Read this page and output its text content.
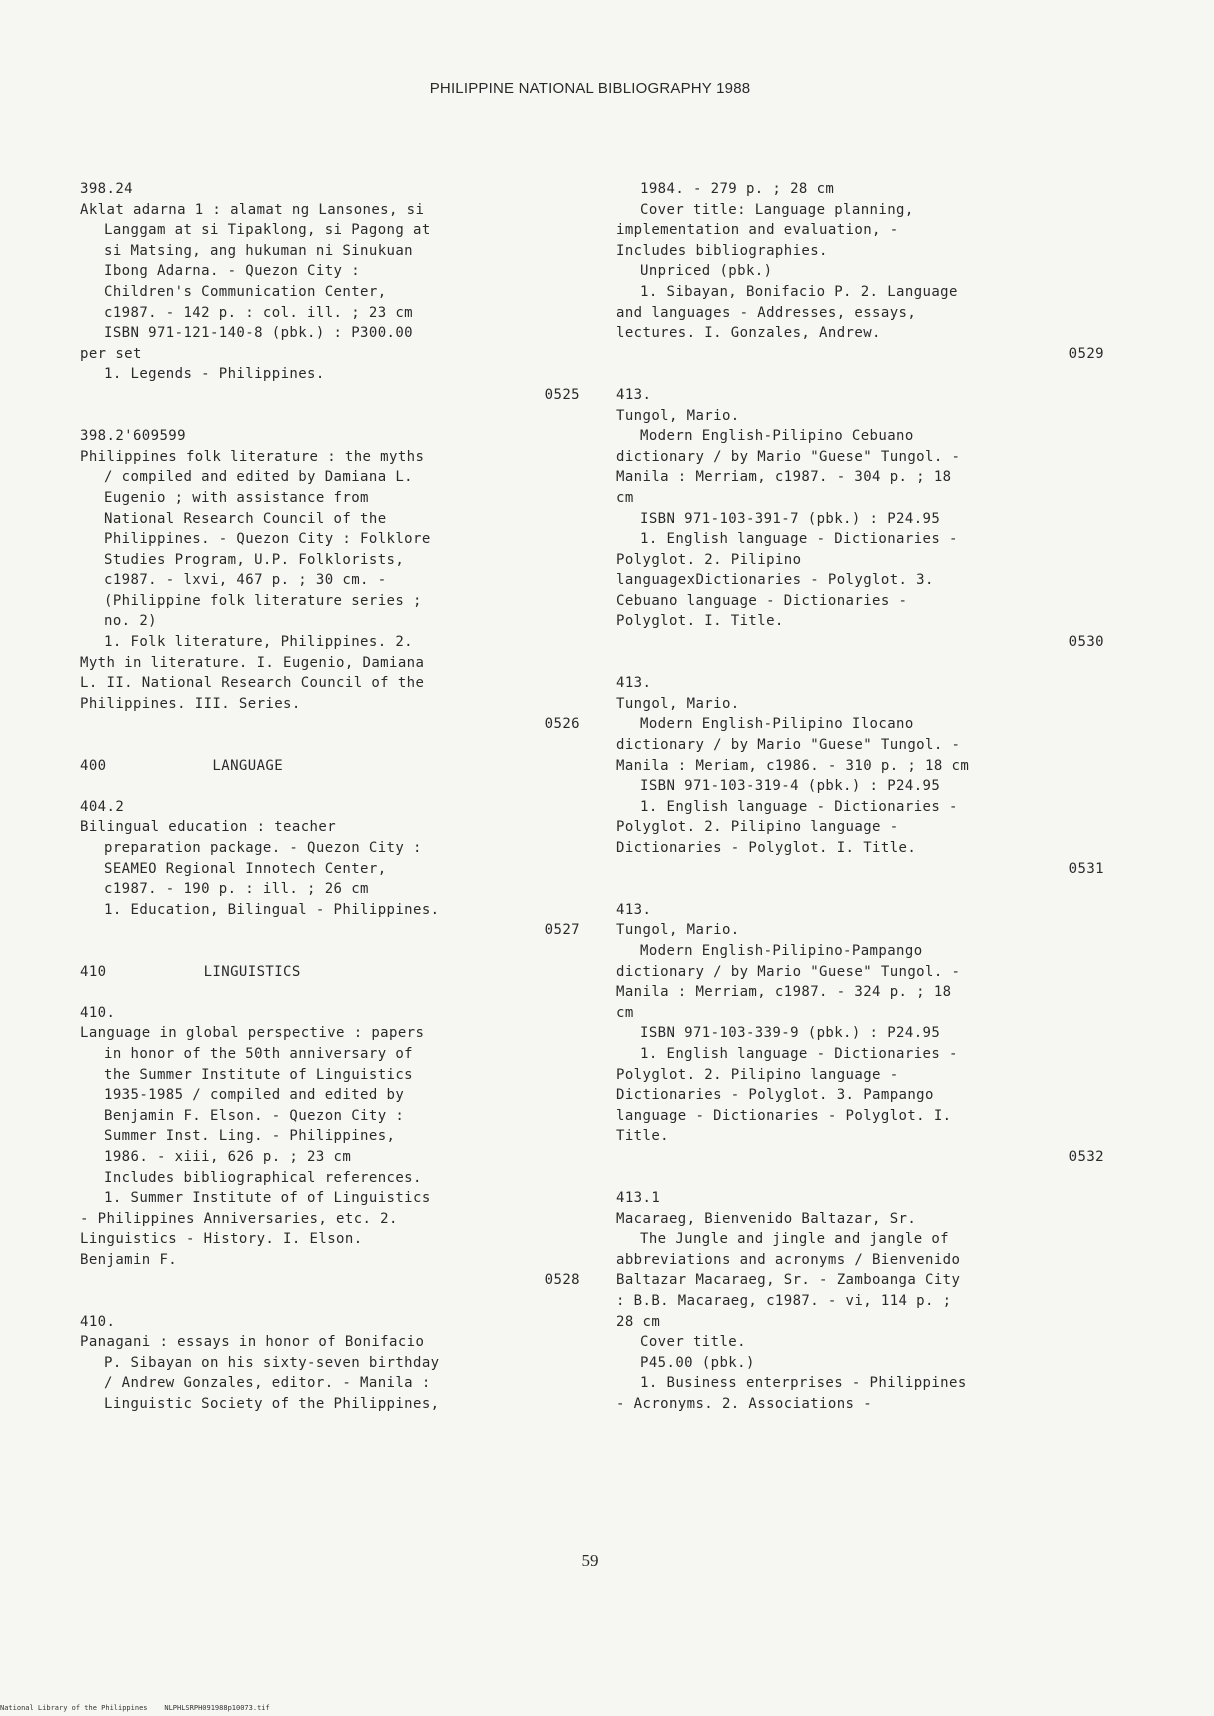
PHILIPPINE NATIONAL BIBLIOGRAPHY 1988
398.24
Aklat adarna 1 : alamat ng Lansones, si
Langgam at si Tipaklong, si Pagong at
si Matsing, ang hukuman ni Sinukuan
Ibong Adarna. - Quezon City :
Children's Communication Center,
c1987. - 142 p. : col. ill. ; 23 cm
ISBN 971-121-140-8 (pbk.) : P300.00
per set
1. Legends - Philippines.
0525
398.2'609599
Philippines folk literature : the myths
/ compiled and edited by Damiana L.
Eugenio ; with assistance from
National Research Council of the
Philippines. - Quezon City : Folklore
Studies Program, U.P. Folklorists,
c1987. - lxvi, 467 p. ; 30 cm. -
(Philippine folk literature series ;
no. 2)
1. Folk literature, Philippines. 2.
Myth in literature. I. Eugenio, Damiana
L. II. National Research Council of the
Philippines. III. Series.
0526
400            LANGUAGE
404.2
Bilingual education : teacher
preparation package. - Quezon City :
SEAMEO Regional Innotech Center,
c1987. - 190 p. : ill. ; 26 cm
1. Education, Bilingual - Philippines.
0527
410           LINGUISTICS
410.
Language in global perspective : papers
in honor of the 50th anniversary of
the Summer Institute of Linguistics
1935-1985 / compiled and edited by
Benjamin F. Elson. - Quezon City :
Summer Inst. Ling. - Philippines,
1986. - xiii, 626 p. ; 23 cm
Includes bibliographical references.
1. Summer Institute of of Linguistics
- Philippines Anniversaries, etc. 2.
Linguistics - History. I. Elson.
Benjamin F.
0528
410.
Panagani : essays in honor of Bonifacio
P. Sibayan on his sixty-seven birthday
/ Andrew Gonzales, editor. - Manila :
Linguistic Society of the Philippines,
1984. - 279 p. ; 28 cm
Cover title: Language planning,
implementation and evaluation, -
Includes bibliographies.
Unpriced (pbk.)
1. Sibayan, Bonifacio P. 2. Language
and languages - Addresses, essays,
lectures. I. Gonzales, Andrew.
0529
413.
Tungol, Mario.
Modern English-Pilipino Cebuano
dictionary / by Mario "Guese" Tungol. -
Manila : Merriam, c1987. - 304 p. ; 18
cm
ISBN 971-103-391-7 (pbk.) : P24.95
1. English language - Dictionaries -
Polyglot. 2. Pilipino
languagexDictionaries - Polyglot. 3.
Cebuano language - Dictionaries -
Polyglot. I. Title.
0530
413.
Tungol, Mario.
Modern English-Pilipino Ilocano
dictionary / by Mario "Guese" Tungol. -
Manila : Meriam, c1986. - 310 p. ; 18 cm
ISBN 971-103-319-4 (pbk.) : P24.95
1. English language - Dictionaries -
Polyglot. 2. Pilipino language -
Dictionaries - Polyglot. I. Title.
0531
413.
Tungol, Mario.
Modern English-Pilipino-Pampango
dictionary / by Mario "Guese" Tungol. -
Manila : Merriam, c1987. - 324 p. ; 18
cm
ISBN 971-103-339-9 (pbk.) : P24.95
1. English language - Dictionaries -
Polyglot. 2. Pilipino language -
Dictionaries - Polyglot. 3. Pampango
language - Dictionaries - Polyglot. I.
Title.
0532
413.1
Macaraeg, Bienvenido Baltazar, Sr.
The Jungle and jingle and jangle of
abbreviations and acronyms / Bienvenido
Baltazar Macaraeg, Sr. - Zamboanga City
: B.B. Macaraeg, c1987. - vi, 114 p. ;
28 cm
Cover title.
P45.00 (pbk.)
1. Business enterprises - Philippines
- Acronyms. 2. Associations -
59
National Library of the Philippines    NLPHLSRPH091988p10073.tif
